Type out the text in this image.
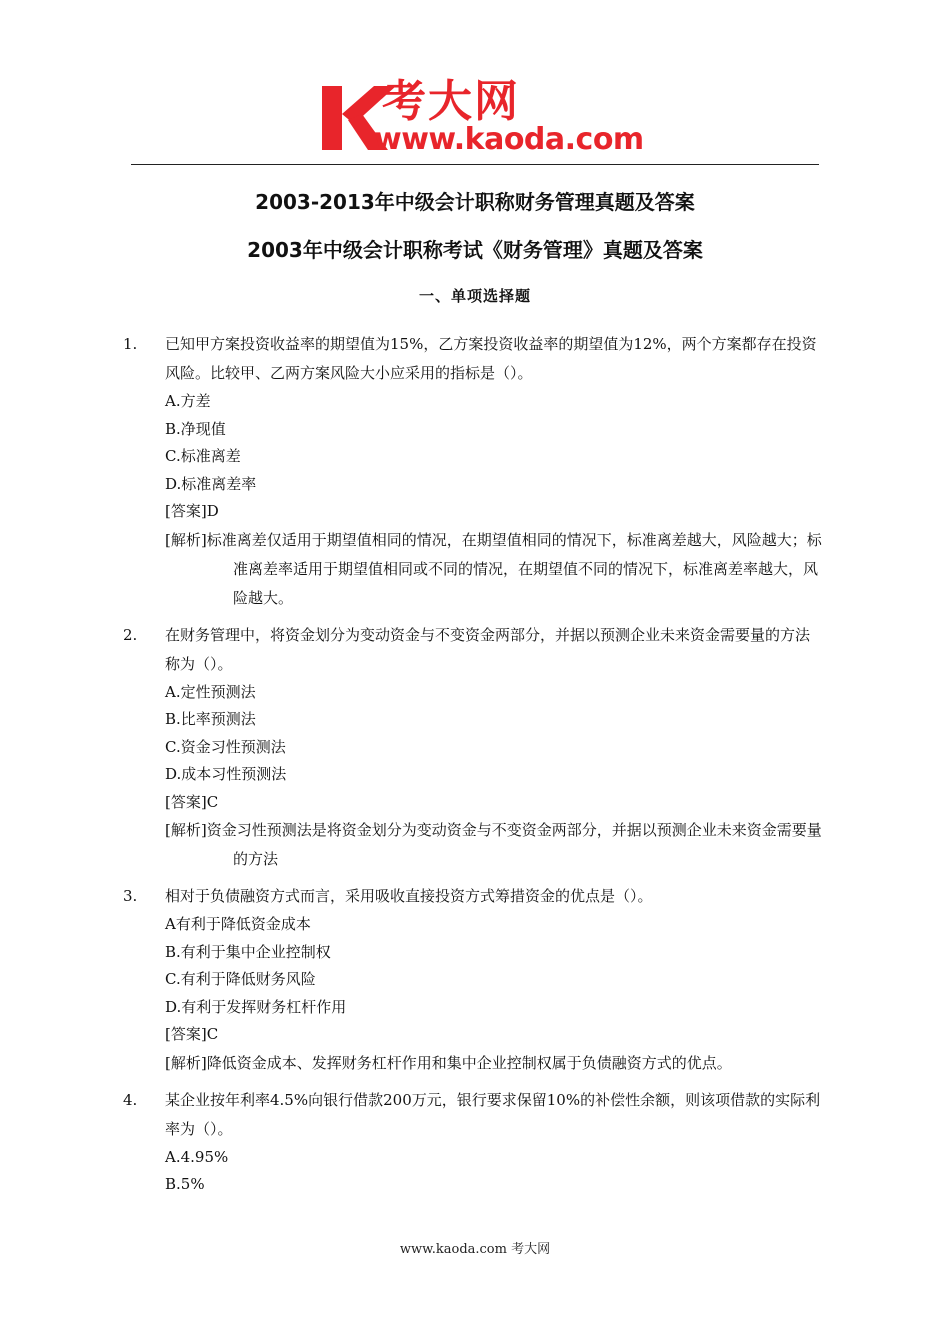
考大网
www.kaoda.com
2003-2013年中级会计职称财务管理真题及答案
2003年中级会计职称考试《财务管理》真题及答案
一、单项选择题
1. 已知甲方案投资收益率的期望值为15%，乙方案投资收益率的期望值为12%，两个方案都存在投资风险。比较甲、乙两方案风险大小应采用的指标是（）。
A.方差
B.净现值
C.标准离差
D.标准离差率
[答案]D
[解析]标准离差仅适用于期望值相同的情况，在期望值相同的情况下，标准离差越大，风险越大；标准离差率适用于期望值相同或不同的情况，在期望值不同的情况下，标准离差率越大，风险越大。
2. 在财务管理中，将资金划分为变动资金与不变资金两部分，并据以预测企业未来资金需要量的方法称为（）。
A.定性预测法
B.比率预测法
C.资金习性预测法
D.成本习性预测法
[答案]C
[解析]资金习性预测法是将资金划分为变动资金与不变资金两部分，并据以预测企业未来资金需要量的方法
3. 相对于负债融资方式而言，采用吸收直接投资方式筹措资金的优点是（）。
A有利于降低资金成本
B.有利于集中企业控制权
C.有利于降低财务风险
D.有利于发挥财务杠杆作用
[答案]C
[解析]降低资金成本、发挥财务杠杆作用和集中企业控制权属于负债融资方式的优点。
4. 某企业按年利率4.5%向银行借款200万元，银行要求保留10%的补偿性余额，则该项借款的实际利率为（）。
A.4.95%
B.5%
www.kaoda.com 考大网
